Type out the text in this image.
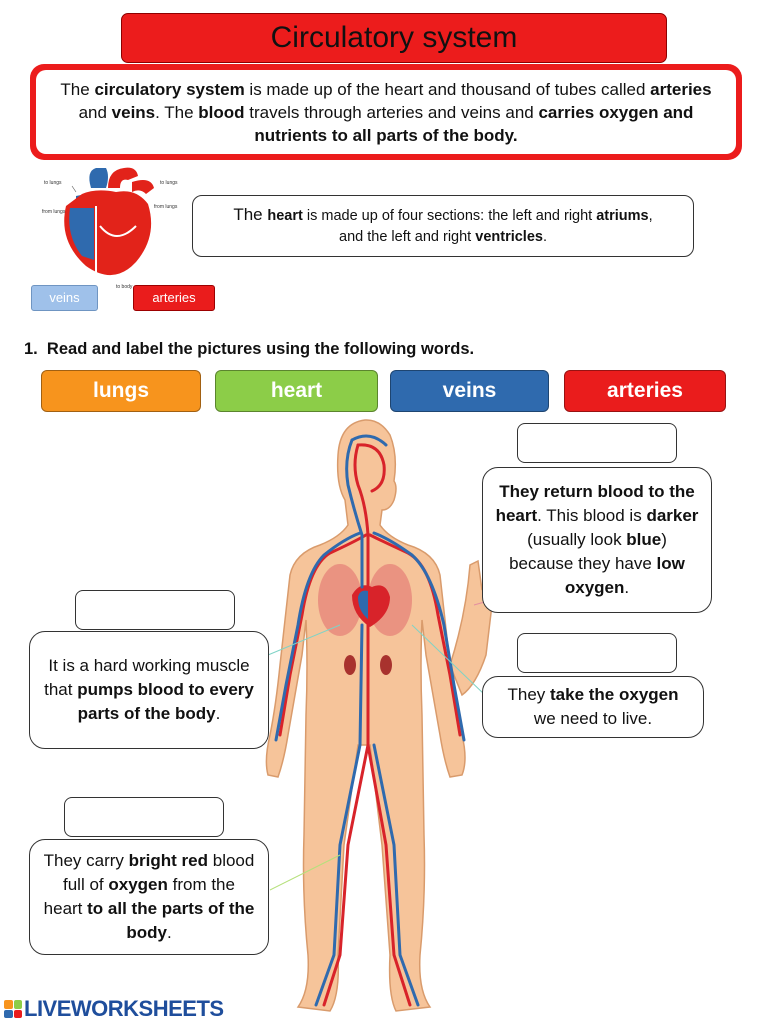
Circulatory system
The circulatory system is made up of the heart and thousand of tubes called arteries and veins. The blood travels through arteries and veins and carries oxygen and nutrients to all parts of the body.
to lungs	to lungs
from lungs
from lungs
to body
The heart is made up of four sections: the left and right atriums,
and the left and right ventricles.
veins	arteries
1.  Read and label the pictures using the following words.
lungs	heart	veins	arteries
They return blood to the heart. This blood is darker (usually look blue) because they have low oxygen.
It is a hard working muscle that pumps blood to every parts of the body.
They take the oxygen we need to live.
They carry bright red blood full of oxygen from the heart to all the parts of the body.
LIVEWORKSHEETS
